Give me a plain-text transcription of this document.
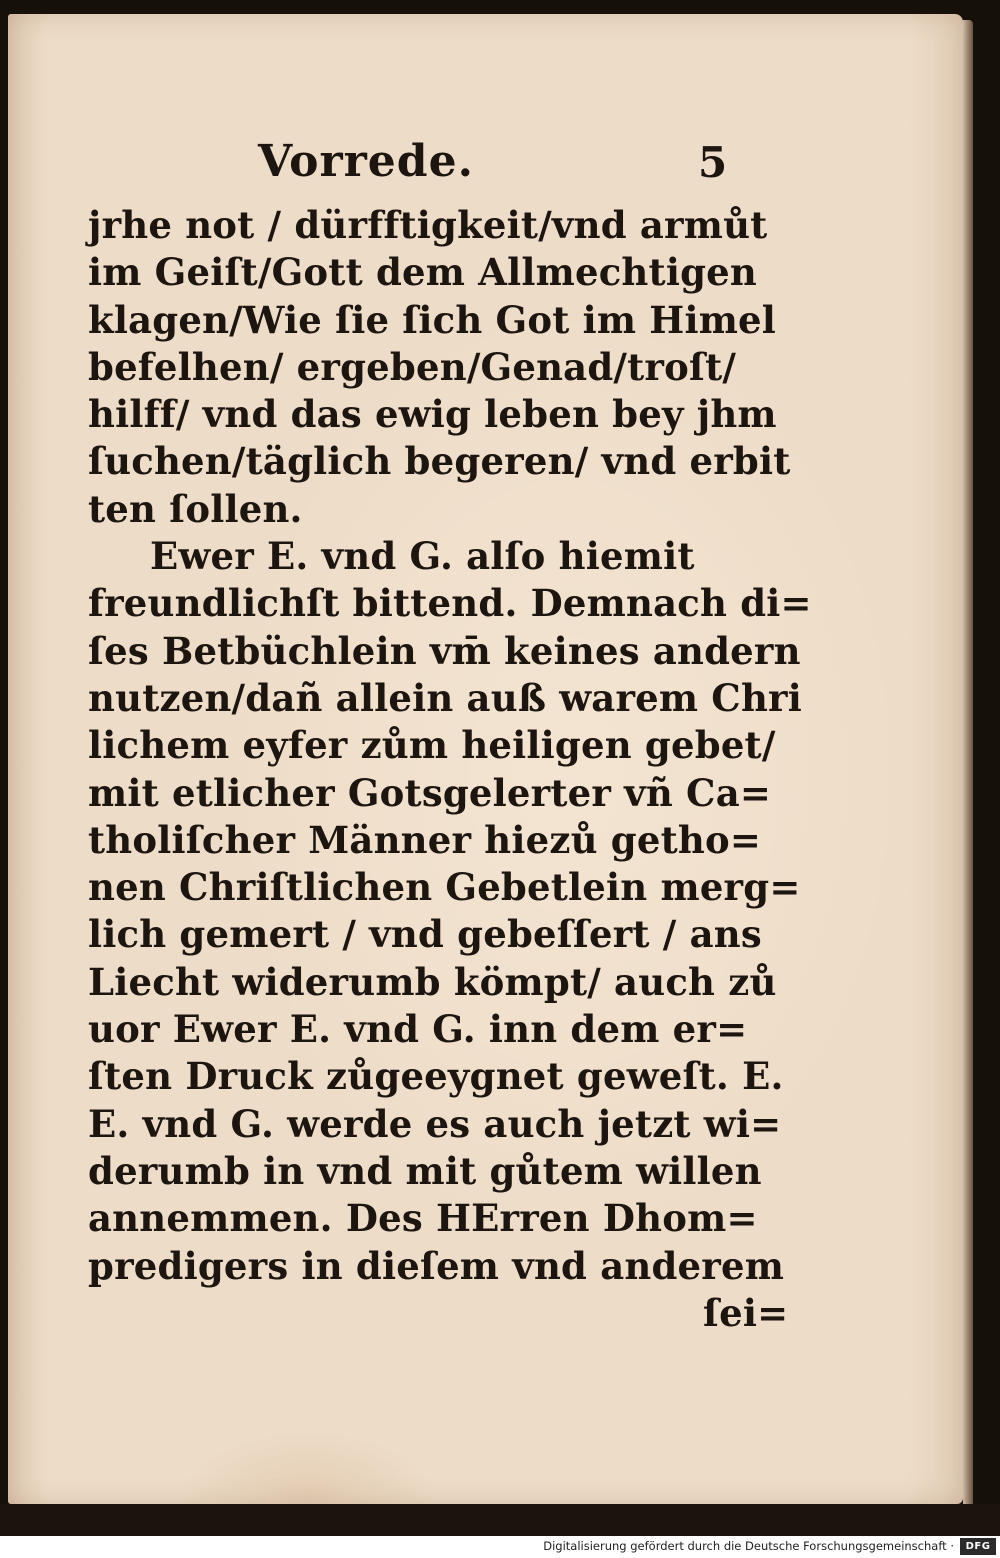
Vorrede.	5
jrhe not / dürfftigkeit/vnd armůt
im Geiſt/Gott dem Allmechtigen
klagen/Wie ſie ſich Got im Himel
befelhen/ ergeben/Genad/troſt/
hilff/ vnd das ewig leben bey jhm
ſuchen/täglich begeren/ vnd erbit
ten ſollen.
Ewer E. vnd G. alſo hiemit
freundlichſt bittend. Demnach di=
ſes Betbüchlein vm̄ keines andern
nutzen/dañ allein auß warem Chri
lichem eyfer zům heiligen gebet/
mit etlicher Gotsgelerter vñ Ca=
tholiſcher Männer hiezů getho=
nen Chriſtlichen Gebetlein merg=
lich gemert / vnd gebeſſert / ans
Liecht widerumb kömpt/ auch zů
uor Ewer E. vnd G. inn dem er=
ſten Druck zůgeeygnet geweſt. E.
E. vnd G. werde es auch jetzt wi=
derumb in vnd mit gůtem willen
annemmen. Des HErren Dhom=
predigers in dieſem vnd anderem
ſei=
Digitalisierung gefördert durch die Deutsche Forschungsgemeinschaft ·	DFG
